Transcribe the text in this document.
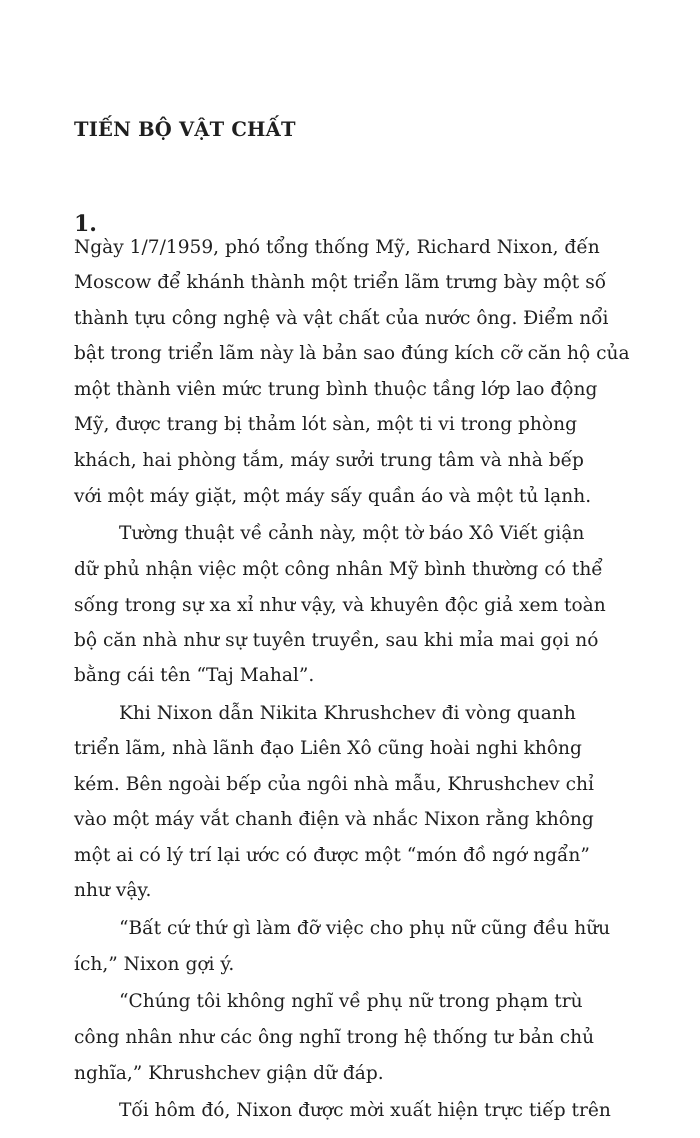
TIẾN BỘ VẬT CHẤT
1.

Ngày 1/7/1959, phó tổng thống Mỹ, Richard Nixon, đến

Moscow để khánh thành một triển lãm trưng bày một số

thành tựu công nghệ và vật chất của nước ông. Điểm nổi

bật trong triển lãm này là bản sao đúng kích cỡ căn hộ của

một thành viên mức trung bình thuộc tầng lớp lao động

Mỹ, được trang bị thảm lót sàn, một ti vi trong phòng

khách, hai phòng tắm, máy sưởi trung tâm và nhà bếp

với một máy giặt, một máy sấy quần áo và một tủ lạnh.

Tường thuật về cảnh này, một tờ báo Xô Viết giận

dữ phủ nhận việc một công nhân Mỹ bình thường có thể

sống trong sự xa xỉ như vậy, và khuyên độc giả xem toàn

bộ căn nhà như sự tuyên truyền, sau khi mỉa mai gọi nó

bằng cái tên “Taj Mahal”.

Khi Nixon dẫn Nikita Khrushchev đi vòng quanh

triển lãm, nhà lãnh đạo Liên Xô cũng hoài nghi không

kém. Bên ngoài bếp của ngôi nhà mẫu, Khrushchev chỉ

vào một máy vắt chanh điện và nhắc Nixon rằng không

một ai có lý trí lại ước có được một “món đồ ngớ ngẩn”

như vậy.

“Bất cứ thứ gì làm đỡ việc cho phụ nữ cũng đều hữu

ích,” Nixon gợi ý.

“Chúng tôi không nghĩ về phụ nữ trong phạm trù

công nhân như các ông nghĩ trong hệ thống tư bản chủ

nghĩa,” Khrushchev giận dữ đáp.

Tối hôm đó, Nixon được mời xuất hiện trực tiếp trên
